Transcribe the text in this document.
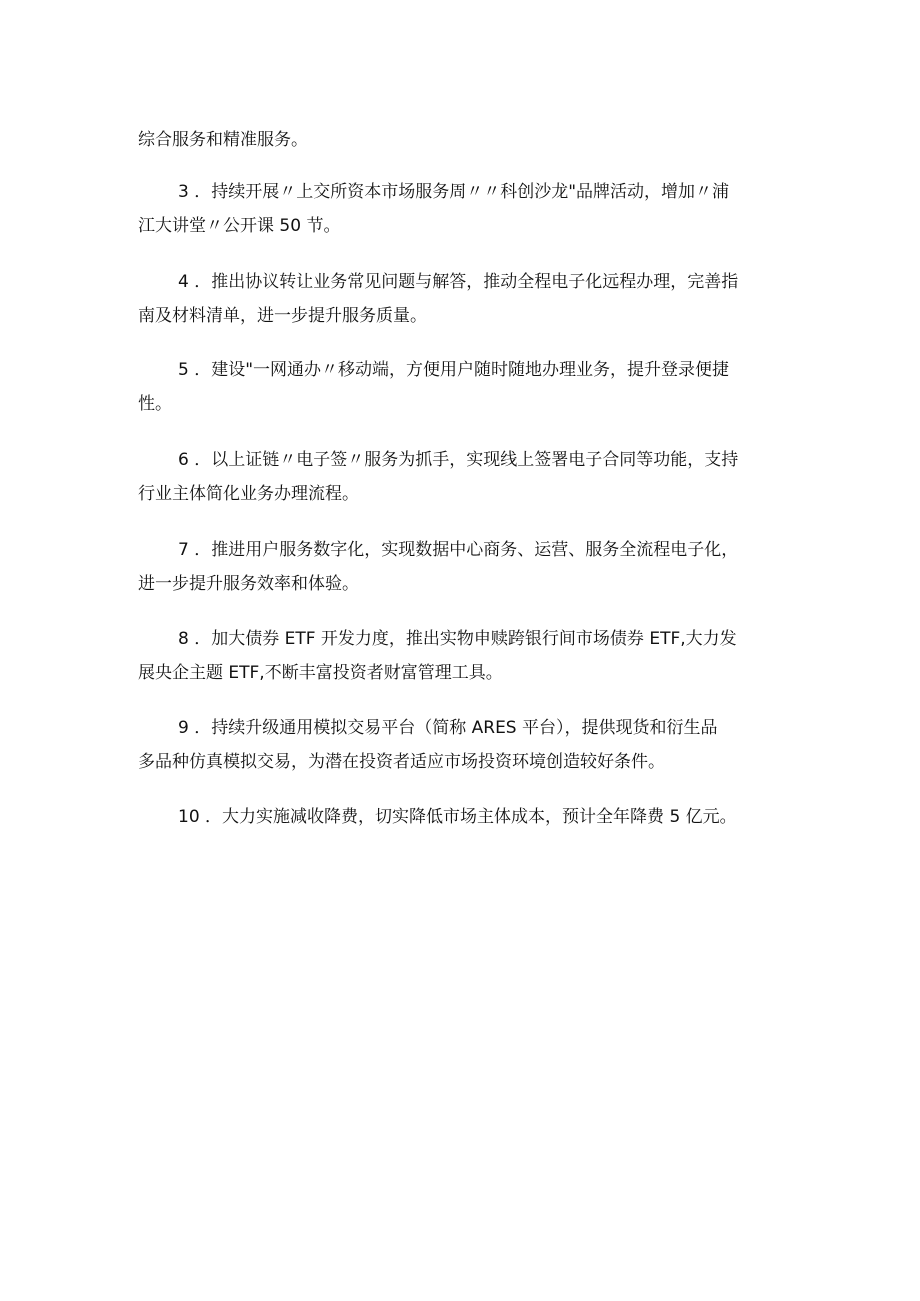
综合服务和精准服务。

3 ．持续开展〃上交所资本市场服务周〃〃科创沙龙"品牌活动，增加〃浦
江大讲堂〃公开课 50 节。

4 ．推出协议转让业务常见问题与解答，推动全程电子化远程办理，完善指
南及材料清单，进一步提升服务质量。

5 ．建设"一网通办〃移动端，方便用户随时随地办理业务，提升登录便捷
性。

6 ．以上证链〃电子签〃服务为抓手，实现线上签署电子合同等功能，支持
行业主体简化业务办理流程。

7 ．推进用户服务数字化，实现数据中心商务、运营、服务全流程电子化，
进一步提升服务效率和体验。

8 ．加大债券 ETF 开发力度，推出实物申赎跨银行间市场债券 ETF,大力发
展央企主题 ETF,不断丰富投资者财富管理工具。

9 ．持续升级通用模拟交易平台（简称 ARES 平台），提供现货和衍生品
多品种仿真模拟交易，为潜在投资者适应市场投资环境创造较好条件。

10 ．大力实施减收降费，切实降低市场主体成本，预计全年降费 5 亿元。
